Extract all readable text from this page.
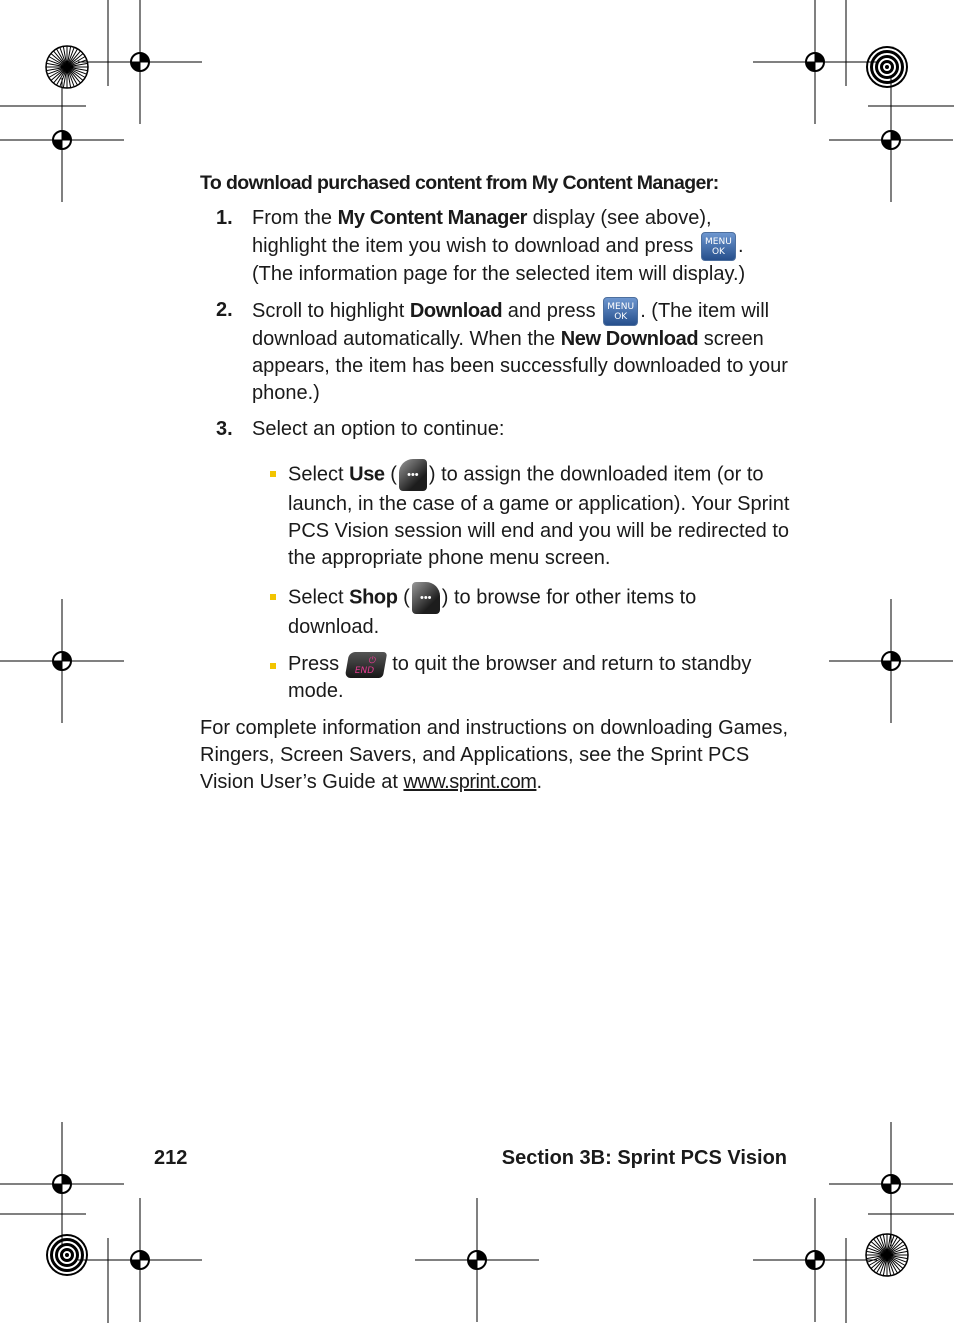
To download purchased content from My Content Manager:
1. From the My Content Manager display (see above), highlight the item you wish to download and press MENU
OK . (The information page for the selected item will display.)
2. Scroll to highlight Download and press MENU
OK . (The item will download automatically. When the New Download screen appears, the item has been successfully downloaded to your phone.)
3. Select an option to continue:
Select Use ( ••• ) to assign the downloaded item (or to launch, in the case of a game or application). Your Sprint PCS Vision session will end and you will be redirected to the appropriate phone menu screen.
Select Shop ( ••• ) to browse for other items to download.
Press	⏻
END to quit the browser and return to standby mode.
For complete information and instructions on downloading Games, Ringers, Screen Savers, and Applications, see the Sprint PCS Vision User’s Guide at www.sprint.com.
212	Section 3B: Sprint PCS Vision
